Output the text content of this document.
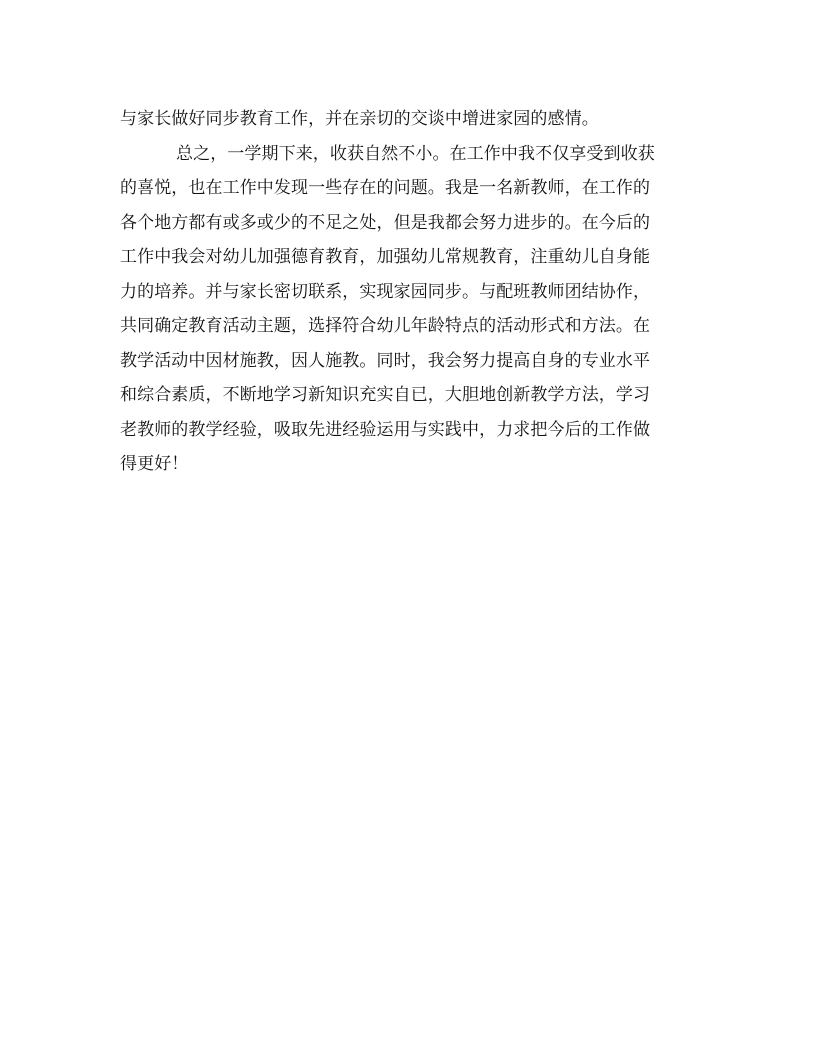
与家长做好同步教育工作，并在亲切的交谈中增进家园的感情。
总之，一学期下来，收获自然不小。在工作中我不仅享受到收获
的喜悦，也在工作中发现一些存在的问题。我是一名新教师，在工作的
各个地方都有或多或少的不足之处，但是我都会努力进步的。在今后的
工作中我会对幼儿加强德育教育，加强幼儿常规教育，注重幼儿自身能
力的培养。并与家长密切联系，实现家园同步。与配班教师团结协作，
共同确定教育活动主题，选择符合幼儿年龄特点的活动形式和方法。在
教学活动中因材施教，因人施教。同时，我会努力提高自身的专业水平
和综合素质，不断地学习新知识充实自已，大胆地创新教学方法，学习
老教师的教学经验，吸取先进经验运用与实践中，力求把今后的工作做
得更好！
